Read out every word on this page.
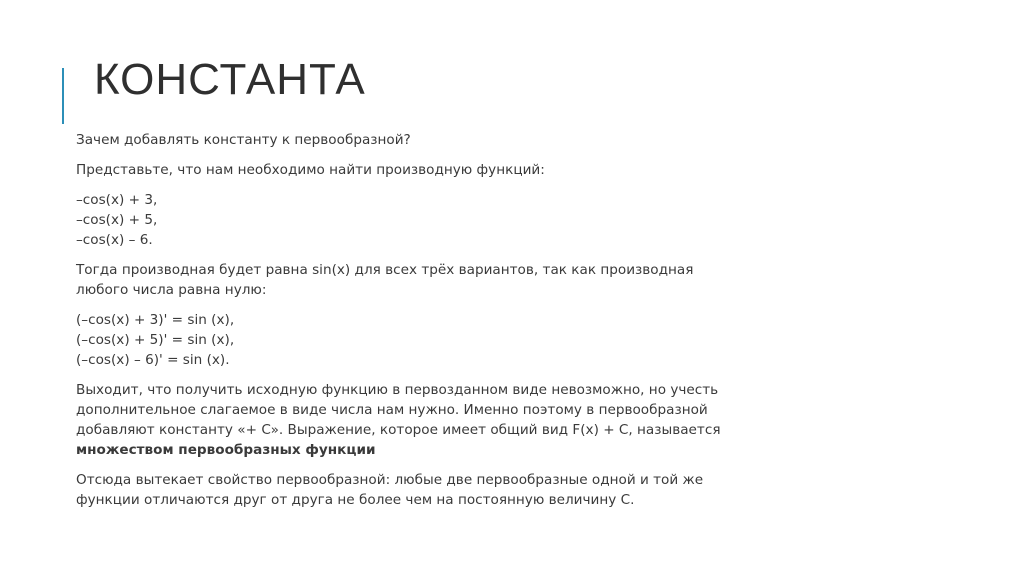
КОНСТАНТА
Зачем добавлять константу к первообразной?
Представьте, что нам необходимо найти производную функций:
–cos(x) + 3,
–cos(x) + 5,
–cos(x) – 6.
Тогда производная будет равна sin(x) для всех трёх вариантов, так как производная
любого числа равна нулю:
(–cos(x) + 3)' = sin (x),
(–cos(x) + 5)' = sin (x),
(–cos(x) – 6)' = sin (x).
Выходит, что получить исходную функцию в первозданном виде невозможно, но учесть
дополнительное слагаемое в виде числа нам нужно. Именно поэтому в первообразной
добавляют константу «+ C». Выражение, которое имеет общий вид F(x) + C, называется
множеством первообразных функции
Отсюда вытекает свойство первообразной: любые две первообразные одной и той же
функции отличаются друг от друга не более чем на постоянную величину C.
